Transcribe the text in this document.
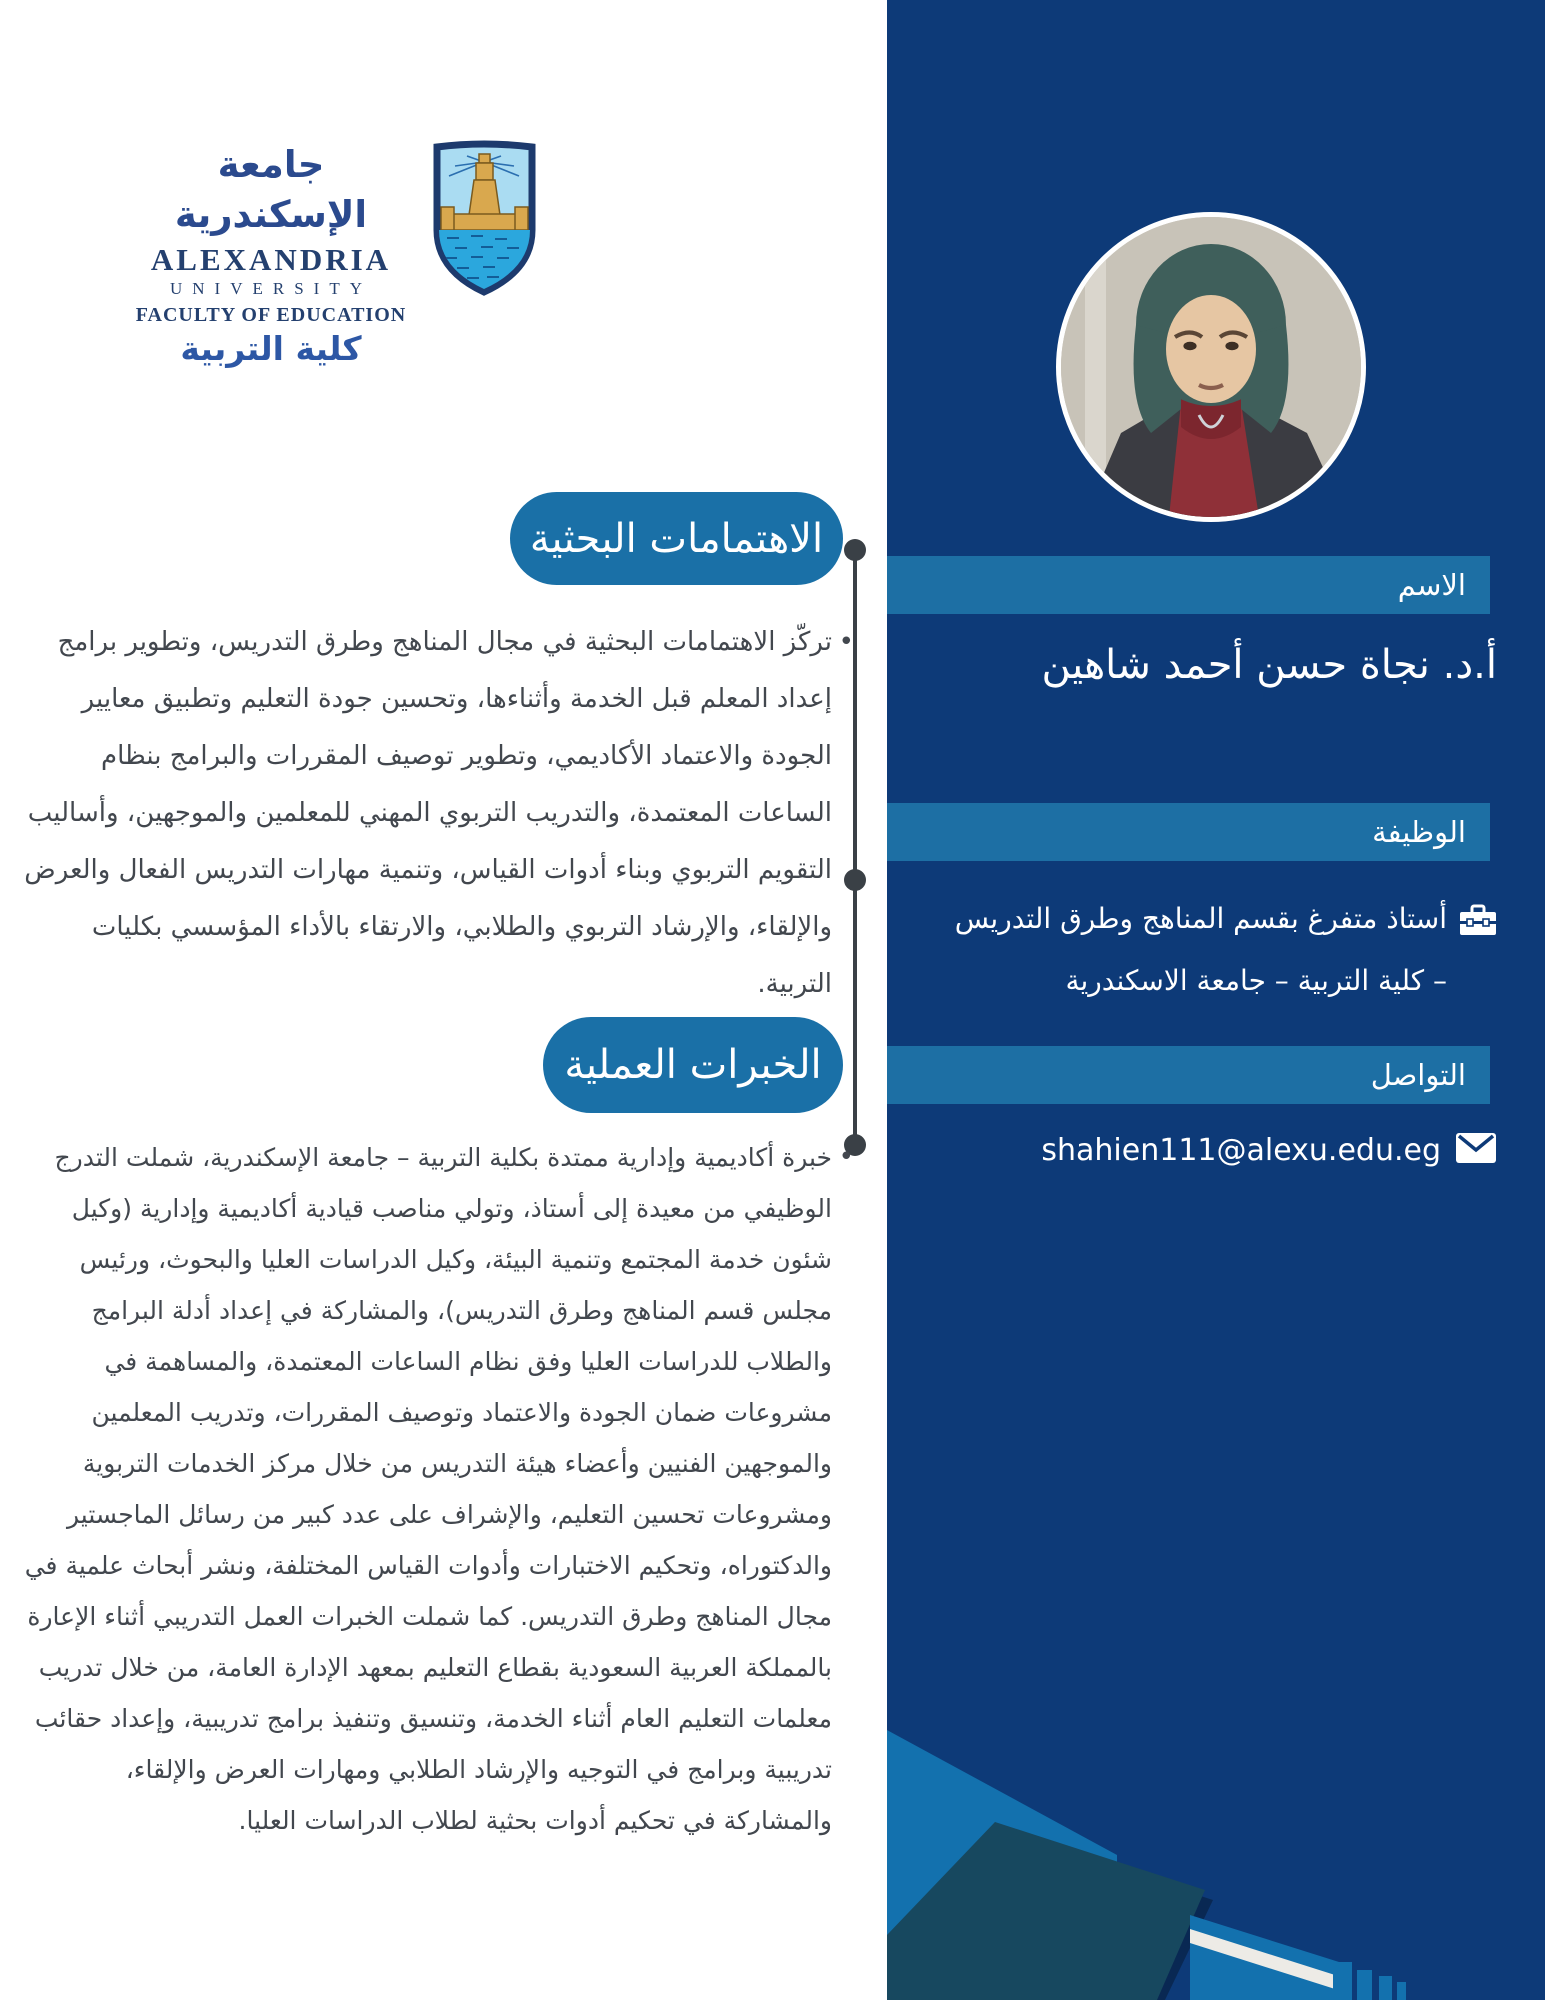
جامعة الإسكندرية
ALEXANDRIA
UNIVERSITY
FACULTY OF EDUCATION
كلية التربية
الاهتمامات البحثية
•
تركّز الاهتمامات البحثية في مجال المناهج وطرق التدريس، وتطوير برامج إعداد المعلم قبل الخدمة وأثناءها، وتحسين جودة التعليم وتطبيق معايير الجودة والاعتماد الأكاديمي، وتطوير توصيف المقررات والبرامج بنظام الساعات المعتمدة، والتدريب التربوي المهني للمعلمين والموجهين، وأساليب التقويم التربوي وبناء أدوات القياس، وتنمية مهارات التدريس الفعال والعرض والإلقاء، والإرشاد التربوي والطلابي، والارتقاء بالأداء المؤسسي بكليات التربية.
الخبرات العملية
•
خبرة أكاديمية وإدارية ممتدة بكلية التربية – جامعة الإسكندرية، شملت التدرج الوظيفي من معيدة إلى أستاذ، وتولي مناصب قيادية أكاديمية وإدارية (وكيل شئون خدمة المجتمع وتنمية البيئة، وكيل الدراسات العليا والبحوث، ورئيس مجلس قسم المناهج وطرق التدريس)، والمشاركة في إعداد أدلة البرامج والطلاب للدراسات العليا وفق نظام الساعات المعتمدة، والمساهمة في مشروعات ضمان الجودة والاعتماد وتوصيف المقررات، وتدريب المعلمين والموجهين الفنيين وأعضاء هيئة التدريس من خلال مركز الخدمات التربوية ومشروعات تحسين التعليم، والإشراف على عدد كبير من رسائل الماجستير والدكتوراه، وتحكيم الاختبارات وأدوات القياس المختلفة، ونشر أبحاث علمية في مجال المناهج وطرق التدريس. كما شملت الخبرات العمل التدريبي أثناء الإعارة بالمملكة العربية السعودية بقطاع التعليم بمعهد الإدارة العامة، من خلال تدريب معلمات التعليم العام أثناء الخدمة، وتنسيق وتنفيذ برامج تدريبية، وإعداد حقائب تدريبية وبرامج في التوجيه والإرشاد الطلابي ومهارات العرض والإلقاء، والمشاركة في تحكيم أدوات بحثية لطلاب الدراسات العليا.
الاسم
أ.د. نجاة حسن أحمد شاهين
الوظيفة
أستاذ متفرغ بقسم المناهج وطرق التدريس – كلية التربية – جامعة الاسكندرية
التواصل
shahien111@alexu.edu.eg
